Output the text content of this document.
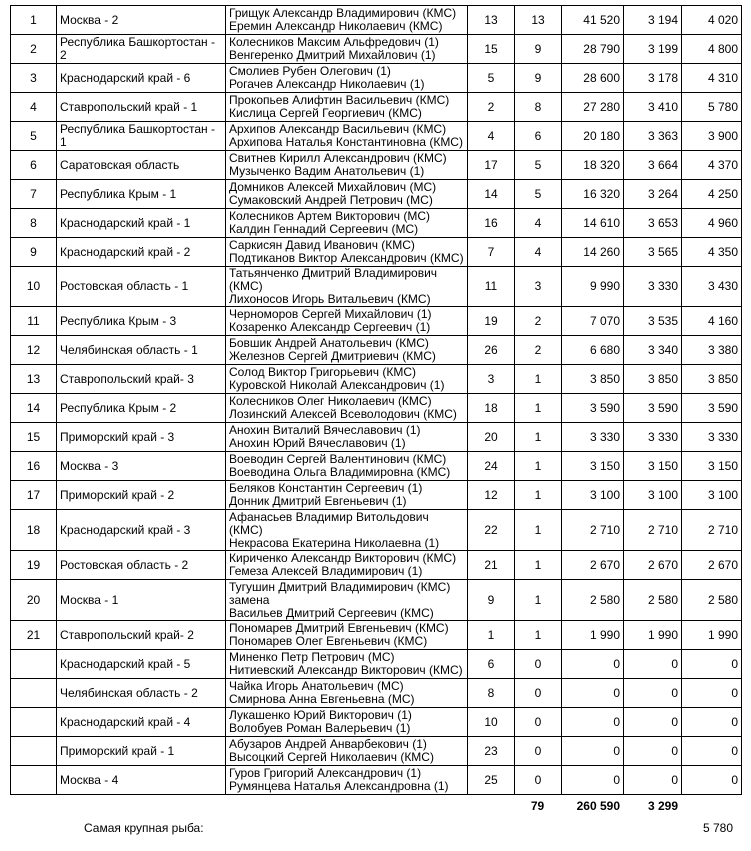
1	Москва - 2	Грищук Александр Владимирович (КМС)
Еремин Александр Николаевич (КМС)	13	13	41 520	3 194	4 020
2	Республика Башкортостан - 2	Колесников Максим Альфредович (1)
Венгеренко Дмитрий Михайлович (1)	15	9	28 790	3 199	4 800
3	Краснодарский край - 6	Смолиев Рубен Олегович (1)
Рогачев Александр Николаевич (1)	5	9	28 600	3 178	4 310
4	Ставропольский край - 1	Прокопьев Алифтин Васильевич (КМС)
Кислица Сергей Георгиевич (КМС)	2	8	27 280	3 410	5 780
5	Республика Башкортостан - 1	Архипов Александр Васильевич (КМС)
Архипова Наталья Константиновна (КМС)	4	6	20 180	3 363	3 900
6	Саратовская область	Свитнев Кирилл Александрович (КМС)
Музыченко Вадим Анатольевич (1)	17	5	18 320	3 664	4 370
7	Республика Крым - 1	Домников Алексей Михайлович (МС)
Сумаковский Андрей Петрович (МС)	14	5	16 320	3 264	4 250
8	Краснодарский край - 1	Колесников Артем Викторович (МС)
Калдин Геннадий Сергеевич (МС)	16	4	14 610	3 653	4 960
9	Краснодарский край - 2	Саркисян Давид Иванович (КМС)
Подтиканов Виктор Александрович (КМС)	7	4	14 260	3 565	4 350
10	Ростовская область - 1	Татьянченко Дмитрий Владимирович (КМС)
Лихоносов Игорь Витальевич (КМС)	11	3	9 990	3 330	3 430
11	Республика Крым - 3	Черноморов Сергей Михайлович (1)
Козаренко Александр Сергеевич (1)	19	2	7 070	3 535	4 160
12	Челябинская область - 1	Бовшик Андрей Анатольевич (КМС)
Железнов Сергей Дмитриевич (КМС)	26	2	6 680	3 340	3 380
13	Ставропольский край- 3	Солод Виктор Григорьевич (КМС)
Куровской Николай Александрович (1)	3	1	3 850	3 850	3 850
14	Республика Крым - 2	Колесников Олег Николаевич (КМС)
Лозинский Алексей Всеволодович (КМС)	18	1	3 590	3 590	3 590
15	Приморский край - 3	Анохин Виталий Вячеславович (1)
Анохин Юрий Вячеславович (1)	20	1	3 330	3 330	3 330
16	Москва - 3	Воеводин Сергей Валентинович (КМС)
Воеводина Ольга Владимировна (КМС)	24	1	3 150	3 150	3 150
17	Приморский край - 2	Беляков Константин Сергеевич (1)
Донник Дмитрий Евгеньевич (1)	12	1	3 100	3 100	3 100
18	Краснодарский край - 3	Афанасьев Владимир Витольдович (КМС)
Некрасова Екатерина Николаевна (1)	22	1	2 710	2 710	2 710
19	Ростовская область - 2	Кириченко Александр Викторович (КМС)
Гемеза Алексей Владимирович (1)	21	1	2 670	2 670	2 670
20	Москва - 1	Тугушин Дмитрий Владимирович (КМС)
замена
Васильев Дмитрий Сергеевич (КМС)	9	1	2 580	2 580	2 580
21	Ставропольский край- 2	Пономарев Дмитрий Евгеньевич (КМС)
Пономарев Олег Евгеньевич (КМС)	1	1	1 990	1 990	1 990
	Краснодарский край - 5	Миненко Петр Петрович (МС)
Нитиевский Александр Викторович (КМС)	6	0	0	0	0
	Челябинская область - 2	Чайка Игорь Анатольевич (МС)
Смирнова Анна Евгеньевна (МС)	8	0	0	0	0
	Краснодарский край - 4	Лукашенко Юрий Викторович (1)
Волобуев Роман Валерьевич (1)	10	0	0	0	0
	Приморский край - 1	Абузаров Андрей Анварбекович (1)
Высоцкий Сергей Николаевич (КМС)	23	0	0	0	0
	Москва - 4	Гуров Григорий Александрович (1)
Румянцева Наталья Александровна (1)	25	0	0	0	0
				79	260 590	3 299	
Самая крупная рыба:	5 780
